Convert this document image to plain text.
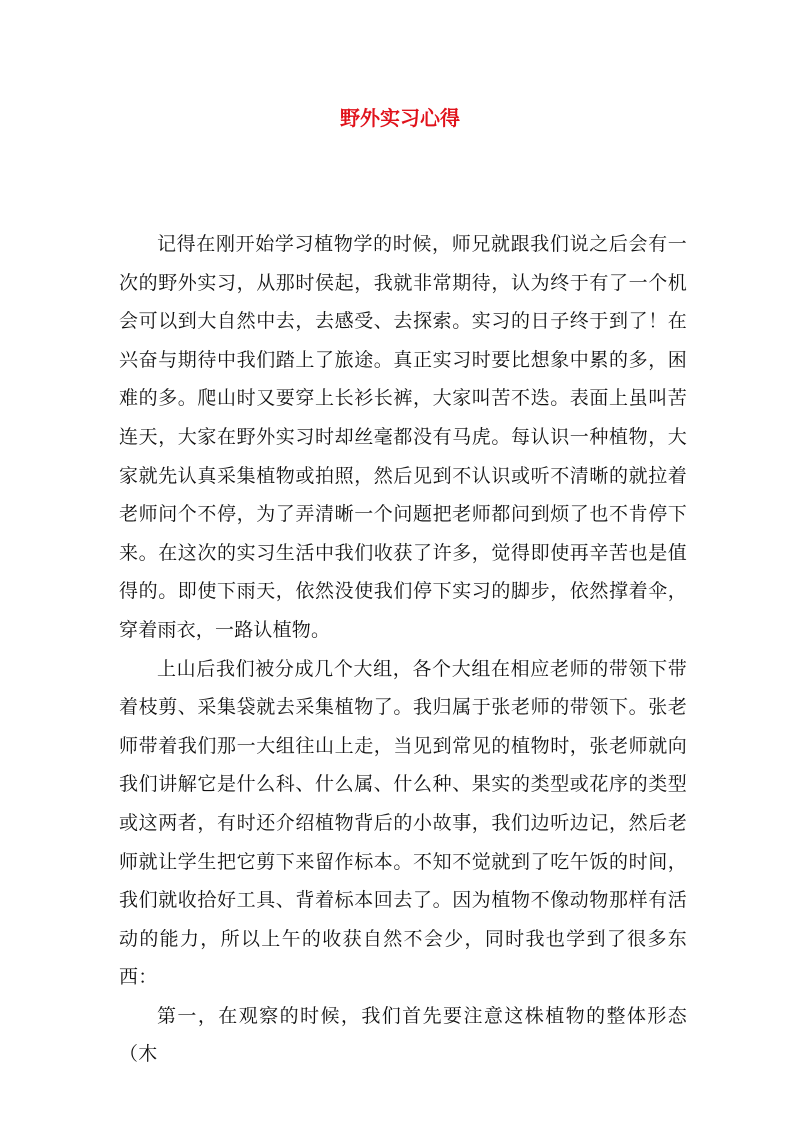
野外实习心得

记得在刚开始学习植物学的时候，师兄就跟我们说之后会有一次的野外实习，从那时侯起，我就非常期待，认为终于有了一个机会可以到大自然中去，去感受、去探索。实习的日子终于到了！在兴奋与期待中我们踏上了旅途。真正实习时要比想象中累的多，困难的多。爬山时又要穿上长衫长裤，大家叫苦不迭。表面上虽叫苦连天，大家在野外实习时却丝毫都没有马虎。每认识一种植物，大家就先认真采集植物或拍照，然后见到不认识或听不清晰的就拉着老师问个不停，为了弄清晰一个问题把老师都问到烦了也不肯停下来。在这次的实习生活中我们收获了许多，觉得即使再辛苦也是值得的。即使下雨天，依然没使我们停下实习的脚步，依然撑着伞，穿着雨衣，一路认植物。

上山后我们被分成几个大组，各个大组在相应老师的带领下带着枝剪、采集袋就去采集植物了。我归属于张老师的带领下。张老师带着我们那一大组往山上走，当见到常见的植物时，张老师就向我们讲解它是什么科、什么属、什么种、果实的类型或花序的类型或这两者，有时还介绍植物背后的小故事，我们边听边记，然后老师就让学生把它剪下来留作标本。不知不觉就到了吃午饭的时间，我们就收拾好工具、背着标本回去了。因为植物不像动物那样有活动的能力，所以上午的收获自然不会少，同时我也学到了很多东西：

第一，在观察的时候，我们首先要注意这株植物的整体形态（木
